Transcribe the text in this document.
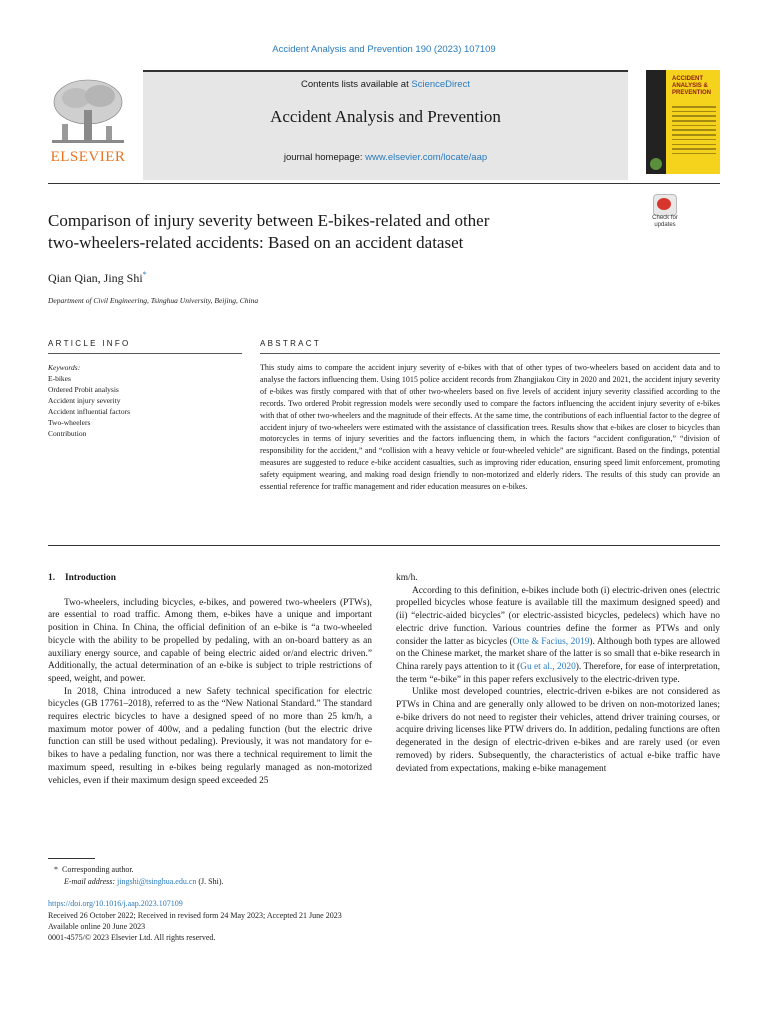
Accident Analysis and Prevention 190 (2023) 107109
Contents lists available at ScienceDirect
Accident Analysis and Prevention
journal homepage: www.elsevier.com/locate/aap
ELSEVIER
ACCIDENT ANALYSIS & PREVENTION
Comparison of injury severity between E-bikes-related and other
two-wheelers-related accidents: Based on an accident dataset
Check for updates
Qian Qian, Jing Shi*
Department of Civil Engineering, Tsinghua University, Beijing, China
ARTICLE INFO	ABSTRACT
Keywords:
E-bikes
Ordered Probit analysis
Accident injury severity
Accident influential factors
Two-wheelers
Contribution
This study aims to compare the accident injury severity of e-bikes with that of other types of two-wheelers based on accident data and to analyse the factors influencing them. Using 1015 police accident records from Zhangjiakou City in 2020 and 2021, the accident injury severity of e-bikes was firstly compared with that of other two-wheelers based on five levels of accident injury severity classified according to the records. Two ordered Probit regression models were secondly used to compare the factors influencing the accident injury severity of e-bikes with that of other two-wheelers and the magnitude of their effects. At the same time, the contributions of each influential factor to the degree of accident injury of two-wheelers were estimated with the assistance of classification trees. Results show that e-bikes are closer to bicycles than motorcycles in terms of injury severities and the factors influencing them, in which the factors “accident configuration,” “division of responsibility for the accident,” and “collision with a heavy vehicle or four-wheeled vehicle” are significant. Based on the findings, potential measures are suggested to reduce e-bike accident casualties, such as improving rider education, ensuring speed limit enforcement, promoting safety equipment wearing, and making road design friendly to non-motorized and elderly riders. The results of this study can provide an essential reference for traffic management and rider education measures on e-bikes.
1. Introduction

Two-wheelers, including bicycles, e-bikes, and powered two-wheelers (PTWs), are essential to road traffic. Among them, e-bikes have a unique and important position in China. In China, the official definition of an e-bike is “a two-wheeled bicycle with the ability to be propelled by pedaling, with an on-board battery as an auxiliary energy source, and capable of being electric aided or/and electric driven.” Additionally, the actual determination of an e-bike is subject to triple restrictions of speed, weight, and power.

In 2018, China introduced a new Safety technical specification for electric bicycles (GB 17761–2018), referred to as the “New National Standard.” The standard requires electric bicycles to have a designed speed of no more than 25 km/h, a maximum motor power of 400w, and a pedaling function (but the electric drive function can still be used without pedaling). Previously, it was not mandatory for e-bikes to have a pedaling function, nor was there a technical requirement to limit the maximum speed, resulting in e-bikes being regularly managed as non-motorized vehicles, even if their maximum design speed exceeded 25

km/h.

According to this definition, e-bikes include both (i) electric-driven ones (electric propelled bicycles whose feature is available till the maximum designed speed) and (ii) “electric-aided bicycles” (or electric-assisted bicycles, pedelecs) which have no electric drive function. Various countries define the former as PTWs and only consider the latter as bicycles (Otte & Facius, 2019). Although both types are allowed on the Chinese market, the market share of the latter is so small that e-bike research in China rarely pays attention to it (Gu et al., 2020). Therefore, for ease of interpretation, the term “e-bike” in this paper refers exclusively to the electric-driven type.

Unlike most developed countries, electric-driven e-bikes are not considered as PTWs in China and are generally only allowed to be driven on non-motorized lanes; e-bike drivers do not need to register their vehicles, attend driver training courses, or acquire driving licenses like PTW drivers do. In addition, pedaling functions are often degenerated in the design of electric-driven e-bikes and are rarely used (or even removed) by riders. Subsequently, the characteristics of actual e-bike traffic have deviated from expectations, making e-bike management

* Corresponding author.
E-mail address: jingshi@tsinghua.edu.cn (J. Shi).
https://doi.org/10.1016/j.aap.2023.107109
Received 26 October 2022; Received in revised form 24 May 2023; Accepted 21 June 2023
Available online 20 June 2023
0001-4575/© 2023 Elsevier Ltd. All rights reserved.
